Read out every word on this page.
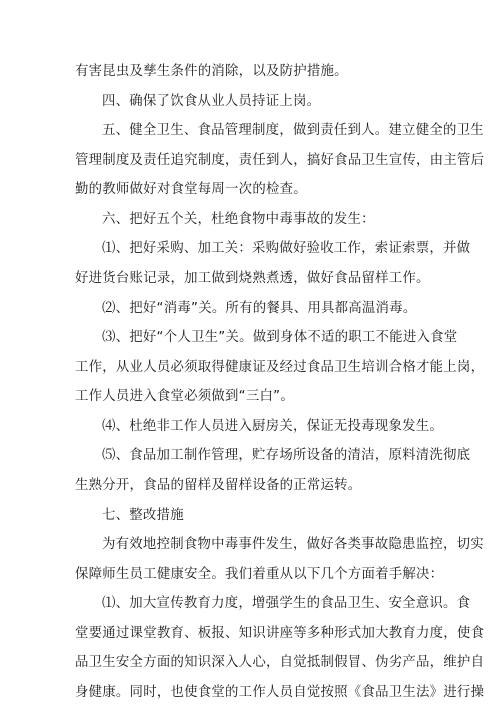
有害昆虫及孳生条件的消除，以及防护措施。
四、确保了饮食从业人员持证上岗。
五、健全卫生、食品管理制度，做到责任到人。建立健全的卫生
管理制度及责任追究制度，责任到人，搞好食品卫生宣传，由主管后
勤的教师做好对食堂每周一次的检查。
六、把好五个关，杜绝食物中毒事故的发生：
⑴、把好采购、加工关：采购做好验收工作，索证索票，并做
好进货台账记录，加工做到烧熟煮透，做好食品留样工作。
⑵、把好“消毒”关。所有的餐具、用具都高温消毒。
⑶、把好“个人卫生”关。做到身体不适的职工不能进入食堂
工作，从业人员必须取得健康证及经过食品卫生培训合格才能上岗，
工作人员进入食堂必须做到“三白”。
⑷、杜绝非工作人员进入厨房关，保证无投毒现象发生。
⑸、食品加工制作管理，贮存场所设备的清洁，原料清洗彻底
生熟分开，食品的留样及留样设备的正常运转。
七、整改措施
为有效地控制食物中毒事件发生，做好各类事故隐患监控，切实
保障师生员工健康安全。我们着重从以下几个方面着手解决：
⑴、加大宣传教育力度，增强学生的食品卫生、安全意识。食
堂要通过课堂教育、板报、知识讲座等多种形式加大教育力度，使食
品卫生安全方面的知识深入人心，自觉抵制假冒、伪劣产品，维护自
身健康。同时，也使食堂的工作人员自觉按照《食品卫生法》进行操
